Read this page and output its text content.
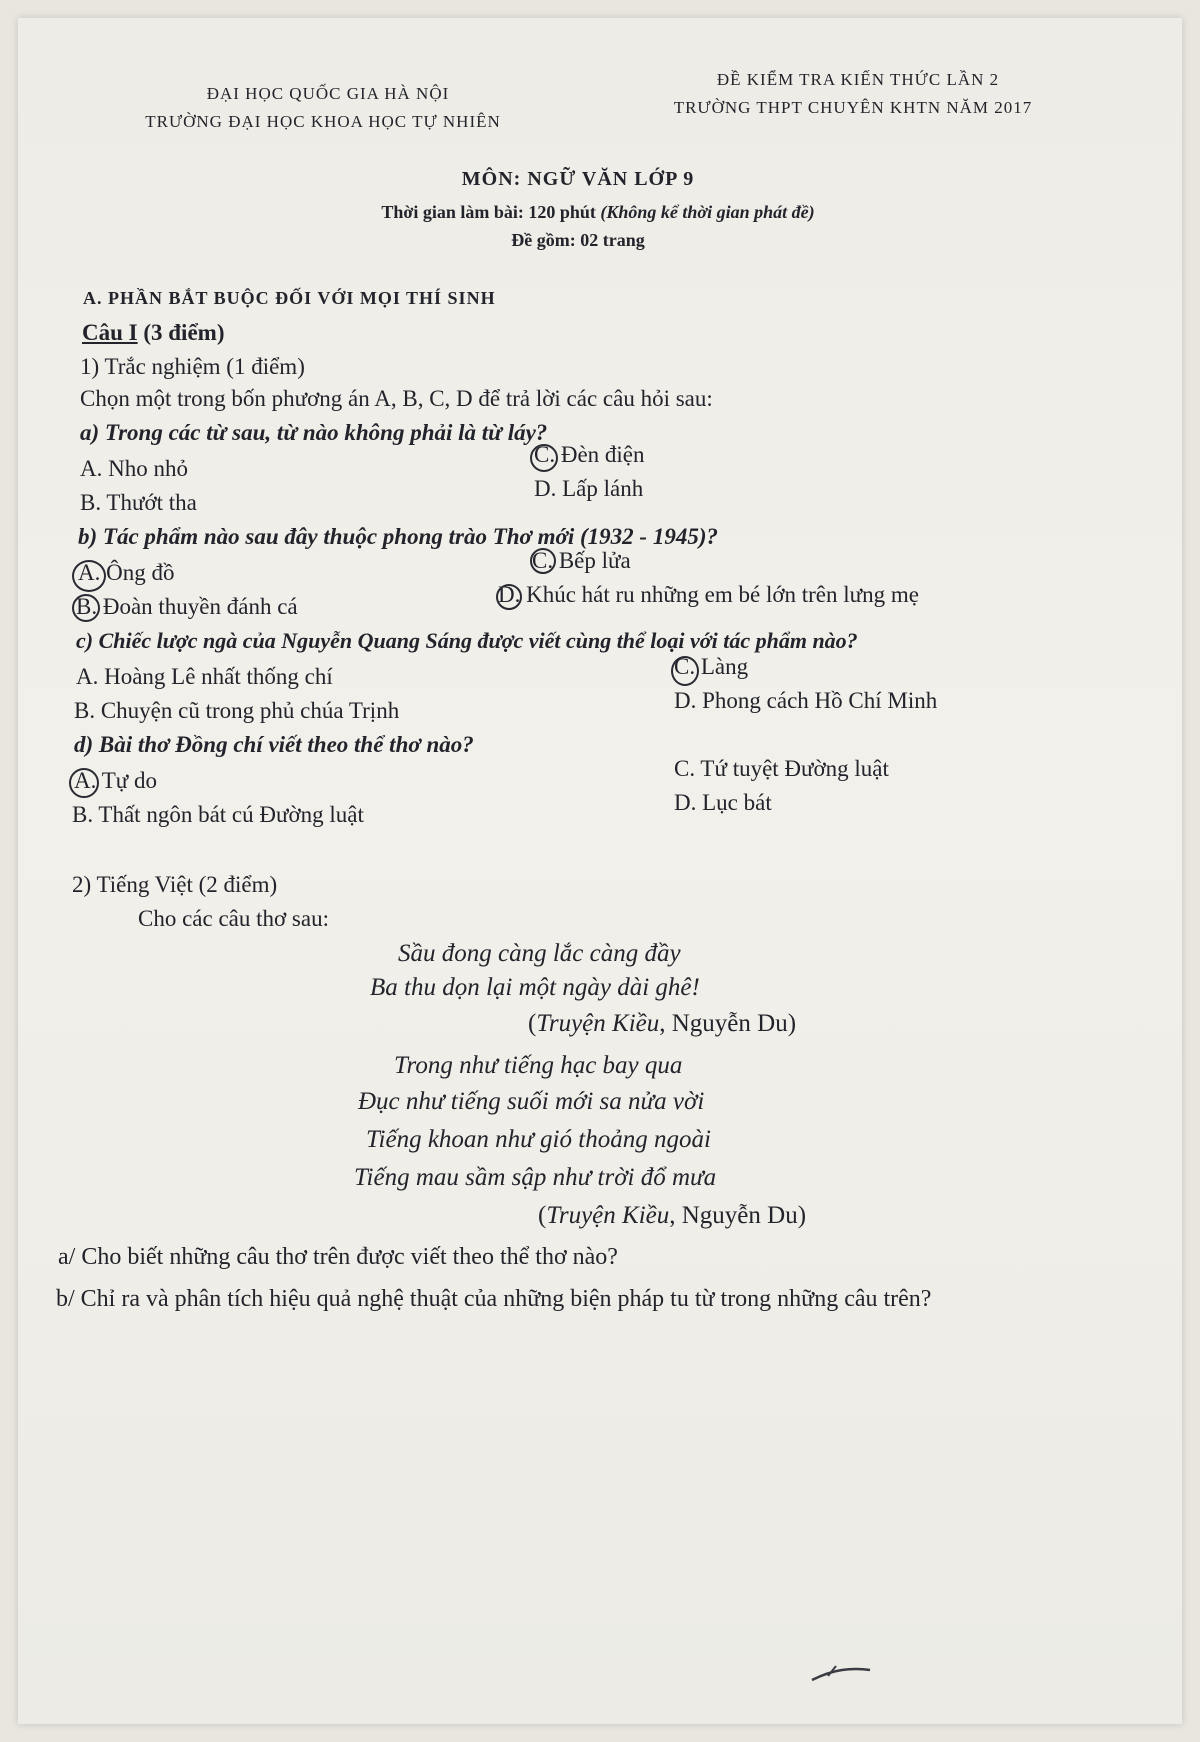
ĐẠI HỌC QUỐC GIA HÀ NỘI
TRƯỜNG ĐẠI HỌC KHOA HỌC TỰ NHIÊN
ĐỀ KIỂM TRA KIẾN THỨC LẦN 2
TRƯỜNG THPT CHUYÊN KHTN NĂM 2017
MÔN: NGỮ VĂN LỚP 9
Thời gian làm bài: 120 phút (Không kể thời gian phát đề)
Đề gồm: 02 trang
A. PHẦN BẮT BUỘC ĐỐI VỚI MỌI THÍ SINH
Câu I (3 điểm)
1) Trắc nghiệm (1 điểm)
Chọn một trong bốn phương án A, B, C, D để trả lời các câu hỏi sau:
a) Trong các từ sau, từ nào không phải là từ láy?
A. Nho nhỏ
C. Đèn điện
B. Thướt tha
D. Lấp lánh
b) Tác phẩm nào sau đây thuộc phong trào Thơ mới (1932 - 1945)?
A. Ông đồ	C. Bếp lửa
B. Đoàn thuyền đánh cá	D. Khúc hát ru những em bé lớn trên lưng mẹ
c) Chiếc lược ngà của Nguyễn Quang Sáng được viết cùng thể loại với tác phẩm nào?
A. Hoàng Lê nhất thống chí	C. Làng
B. Chuyện cũ trong phủ chúa Trịnh	D. Phong cách Hồ Chí Minh
d) Bài thơ Đồng chí viết theo thể thơ nào?
A. Tự do	C. Tứ tuyệt Đường luật
B. Thất ngôn bát cú Đường luật	D. Lục bát
2) Tiếng Việt (2 điểm)
Cho các câu thơ sau:
Sầu đong càng lắc càng đầy
Ba thu dọn lại một ngày dài ghê!
(Truyện Kiều, Nguyễn Du)
Trong như tiếng hạc bay qua
Đục như tiếng suối mới sa nửa vời
Tiếng khoan như gió thoảng ngoài
Tiếng mau sầm sập như trời đổ mưa
(Truyện Kiều, Nguyễn Du)
a/ Cho biết những câu thơ trên được viết theo thể thơ nào?
b/ Chỉ ra và phân tích hiệu quả nghệ thuật của những biện pháp tu từ trong những câu trên?
